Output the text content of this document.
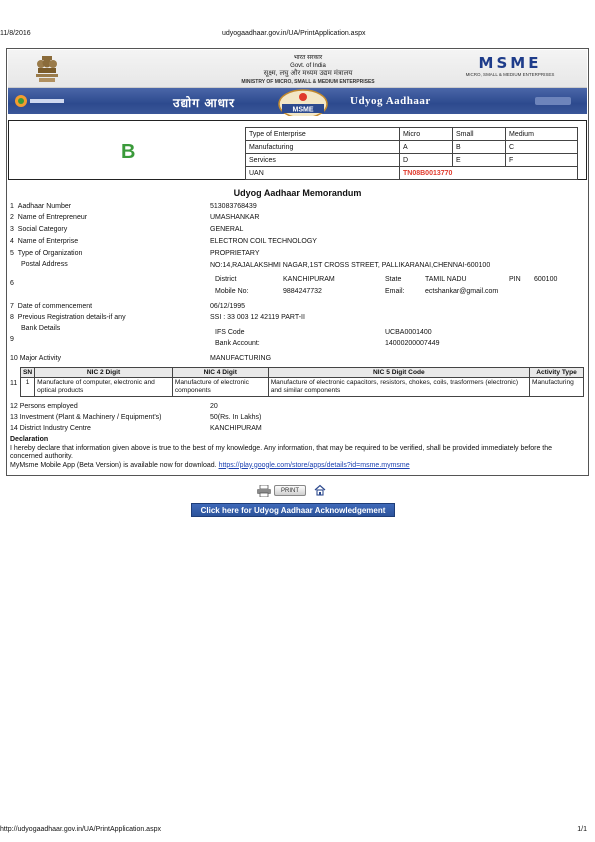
11/8/2016	udyogaadhaar.gov.in/UA/PrintApplication.aspx
भारत सरकार
Govt. of India
सूक्ष्म, लघु और मध्यम उद्यम मंत्रालय
MINISTRY OF MICRO, SMALL & MEDIUM ENTERPRISES
MSME
MICRO, SMALL & MEDIUM ENTERPRISES
उद्योग आधार	MSME
Udyog Aadhaar
B
Type of Enterprise	Micro	Small	Medium
Manufacturing	A	B	C
Services	D	E	F
UAN	TN08B0013770		
Udyog Aadhaar Memorandum
1 Aadhaar Number	513083768439
2 Name of Entrepreneur	UMASHANKAR
3 Social Category	GENERAL
4 Name of Enterprise	ELECTRON COIL TECHNOLOGY
5 Type of Organization	PROPRIETARY
Postal Address	NO:14,RAJALAKSHMI NAGAR,1ST CROSS STREET, PALLIKARANAI,CHENNAI-600100
6
District	KANCHIPURAM	State	TAMIL NADU	PIN 600100
Mobile No:	9884247732	Email:	ectshankar@gmail.com
7 Date of commencement	06/12/1995
8 Previous Registration details-if any	SSI : 33 003 12 42119 PART-II
Bank Details
9
IFS Code	UCBA0001400
Bank Account:	14000200007449
10 Major Activity	MANUFACTURING
11
SN	NIC 2 Digit	NIC 4 Digit	NIC 5 Digit Code	Activity Type
1	Manufacture of computer, electronic and optical products	Manufacture of electronic components	Manufacture of electronic capacitors, resistors, chokes, coils, trasformers (electronic) and similar components	Manufacturing
12 Persons employed	20
13 Investment (Plant & Machinery / Equipment's)	50(Rs. In Lakhs)
14 District Industry Centre	KANCHIPURAM
Declaration
I hereby declare that information given above is true to the best of my knowledge. Any information, that may be required to be verified, shall be provided immediately before the concerned authority.
MyMsme Mobile App (Beta Version) is available now for download. https://play.google.com/store/apps/details?id=msme.mymsme
PRINT
Click here for Udyog Aadhaar Acknowledgement
http://udyogaadhaar.gov.in/UA/PrintApplication.aspx	1/1
